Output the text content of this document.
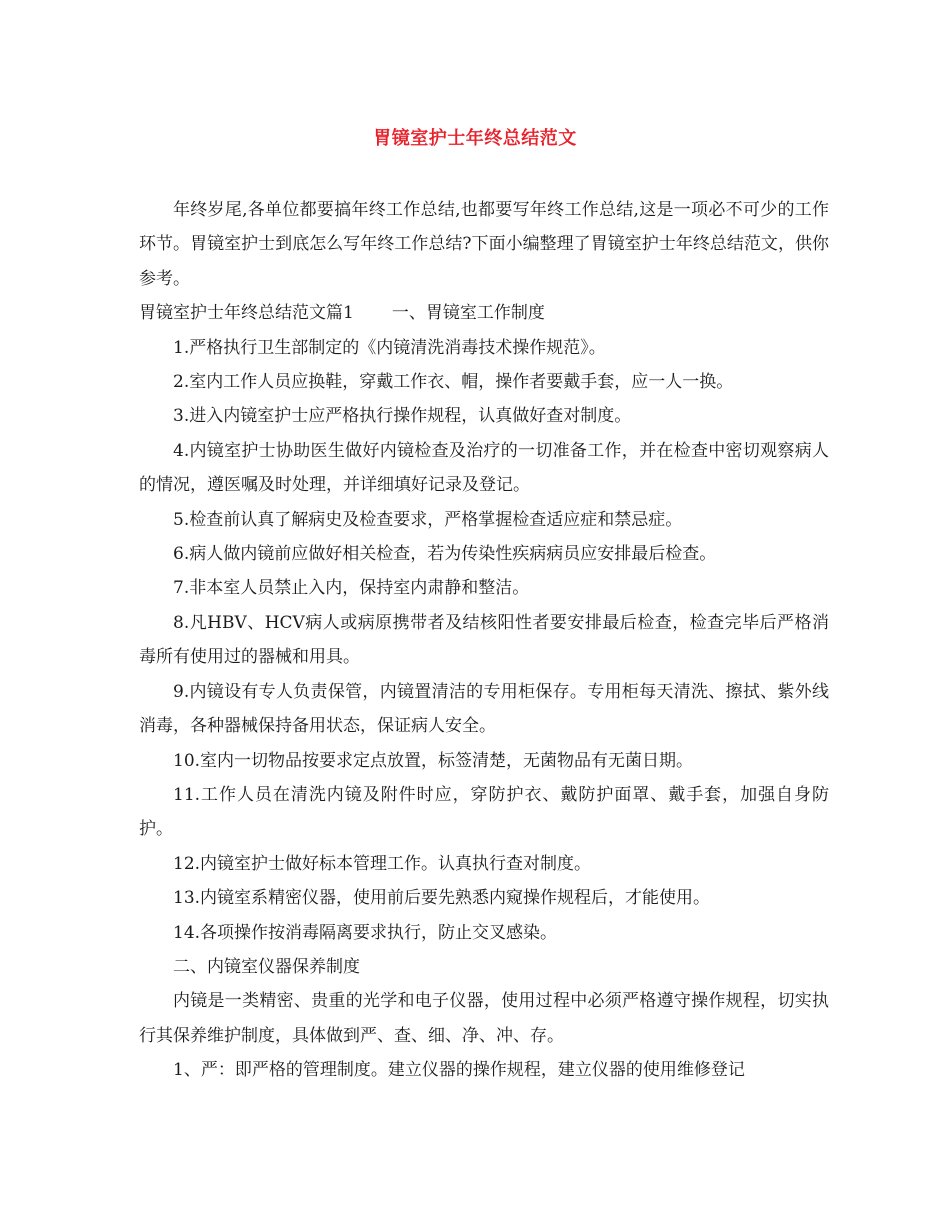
胃镜室护士年终总结范文

年终岁尾,各单位都要搞年终工作总结,也都要写年终工作总结,这是一项必不可少的工作环节。胃镜室护士到底怎么写年终工作总结?下面小编整理了胃镜室护士年终总结范文，供你参考。

胃镜室护士年终总结范文篇1 一、胃镜室工作制度

1.严格执行卫生部制定的《内镜清洗消毒技术操作规范》。

2.室内工作人员应换鞋，穿戴工作衣、帽，操作者要戴手套，应一人一换。

3.进入内镜室护士应严格执行操作规程，认真做好查对制度。

4.内镜室护士协助医生做好内镜检查及治疗的一切准备工作，并在检查中密切观察病人的情况，遵医嘱及时处理，并详细填好记录及登记。

5.检查前认真了解病史及检查要求，严格掌握检查适应症和禁忌症。

6.病人做内镜前应做好相关检查，若为传染性疾病病员应安排最后检查。

7.非本室人员禁止入内，保持室内肃静和整洁。

8.凡HBV、HCV病人或病原携带者及结核阳性者要安排最后检查，检查完毕后严格消毒所有使用过的器械和用具。

9.内镜设有专人负责保管，内镜置清洁的专用柜保存。专用柜每天清洗、擦拭、紫外线消毒，各种器械保持备用状态，保证病人安全。

10.室内一切物品按要求定点放置，标签清楚，无菌物品有无菌日期。

11.工作人员在清洗内镜及附件时应，穿防护衣、戴防护面罩、戴手套，加强自身防护。

12.内镜室护士做好标本管理工作。认真执行查对制度。

13.内镜室系精密仪器，使用前后要先熟悉内窥操作规程后，才能使用。

14.各项操作按消毒隔离要求执行，防止交叉感染。

二、内镜室仪器保养制度

内镜是一类精密、贵重的光学和电子仪器，使用过程中必须严格遵守操作规程，切实执行其保养维护制度，具体做到严、查、细、净、冲、存。

1、严：即严格的管理制度。建立仪器的操作规程，建立仪器的使用维修登记
